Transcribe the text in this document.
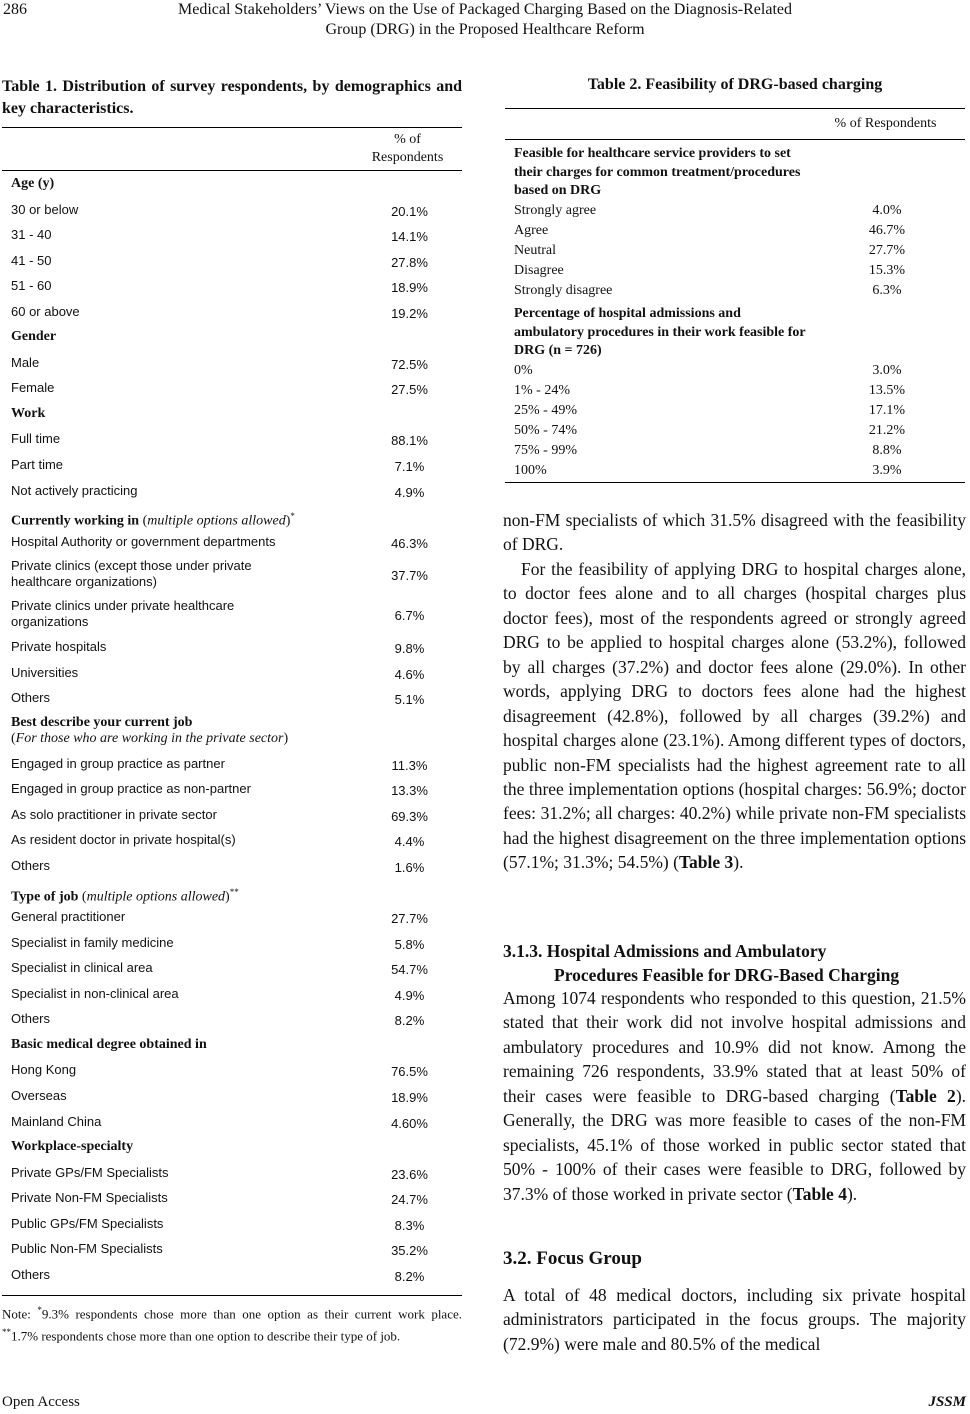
286	Medical Stakeholders’ Views on the Use of Packaged Charging Based on the Diagnosis-Related
Group (DRG) in the Proposed Healthcare Reform
Table 1. Distribution of survey respondents, by demographics and key characteristics.
% of
Respondents
Age (y)
30 or below	20.1%
31 - 40	14.1%
41 - 50	27.8%
51 - 60	18.9%
60 or above	19.2%
Gender
Male	72.5%
Female	27.5%
Work
Full time	88.1%
Part time	7.1%
Not actively practicing	4.9%
Currently working in (multiple options allowed)*
Hospital Authority or government departments	46.3%
Private clinics (except those under private healthcare organizations)	37.7%
Private clinics under private healthcare organizations	6.7%
Private hospitals	9.8%
Universities	4.6%
Others	5.1%
Best describe your current job
(For those who are working in the private sector)
Engaged in group practice as partner	11.3%
Engaged in group practice as non-partner	13.3%
As solo practitioner in private sector	69.3%
As resident doctor in private hospital(s)	4.4%
Others	1.6%
Type of job (multiple options allowed)**
General practitioner	27.7%
Specialist in family medicine	5.8%
Specialist in clinical area	54.7%
Specialist in non-clinical area	4.9%
Others	8.2%
Basic medical degree obtained in
Hong Kong	76.5%
Overseas	18.9%
Mainland China	4.60%
Workplace-specialty
Private GPs/FM Specialists	23.6%
Private Non-FM Specialists	24.7%
Public GPs/FM Specialists	8.3%
Public Non-FM Specialists	35.2%
Others	8.2%
Note: *9.3% respondents chose more than one option as their current work place. **1.7% respondents chose more than one option to describe their type of job.
Table 2. Feasibility of DRG-based charging
% of Respondents
Feasible for healthcare service providers to set their charges for common treatment/procedures based on DRG
Strongly agree	4.0%
Agree	46.7%
Neutral	27.7%
Disagree	15.3%
Strongly disagree	6.3%
Percentage of hospital admissions and ambulatory procedures in their work feasible for DRG (n = 726)
0%	3.0%
1% - 24%	13.5%
25% - 49%	17.1%
50% - 74%	21.2%
75% - 99%	8.8%
100%	3.9%

non-FM specialists of which 31.5% disagreed with the feasibility of DRG.

For the feasibility of applying DRG to hospital charges alone, to doctor fees alone and to all charges (hospital charges plus doctor fees), most of the respondents agreed or strongly agreed DRG to be applied to hospital charges alone (53.2%), followed by all charges (37.2%) and doctor fees alone (29.0%). In other words, applying DRG to doctors fees alone had the highest disagreement (42.8%), followed by all charges (39.2%) and hospital charges alone (23.1%). Among different types of doctors, public non-FM specialists had the highest agreement rate to all the three implementation options (hospital charges: 56.9%; doctor fees: 31.2%; all charges: 40.2%) while private non-FM specialists had the highest disagreement on the three implementation options (57.1%; 31.3%; 54.5%) (Table 3).

3.1.3. Hospital Admissions and Ambulatory
Procedures Feasible for DRG-Based Charging

Among 1074 respondents who responded to this question, 21.5% stated that their work did not involve hospital admissions and ambulatory procedures and 10.9% did not know. Among the remaining 726 respondents, 33.9% stated that at least 50% of their cases were feasible to DRG-based charging (Table 2). Generally, the DRG was more feasible to cases of the non-FM specialists, 45.1% of those worked in public sector stated that 50% - 100% of their cases were feasible to DRG, followed by 37.3% of those worked in private sector (Table 4).

3.2. Focus Group

A total of 48 medical doctors, including six private hospital administrators participated in the focus groups. The majority (72.9%) were male and 80.5% of the medical

Open Access	JSSM
